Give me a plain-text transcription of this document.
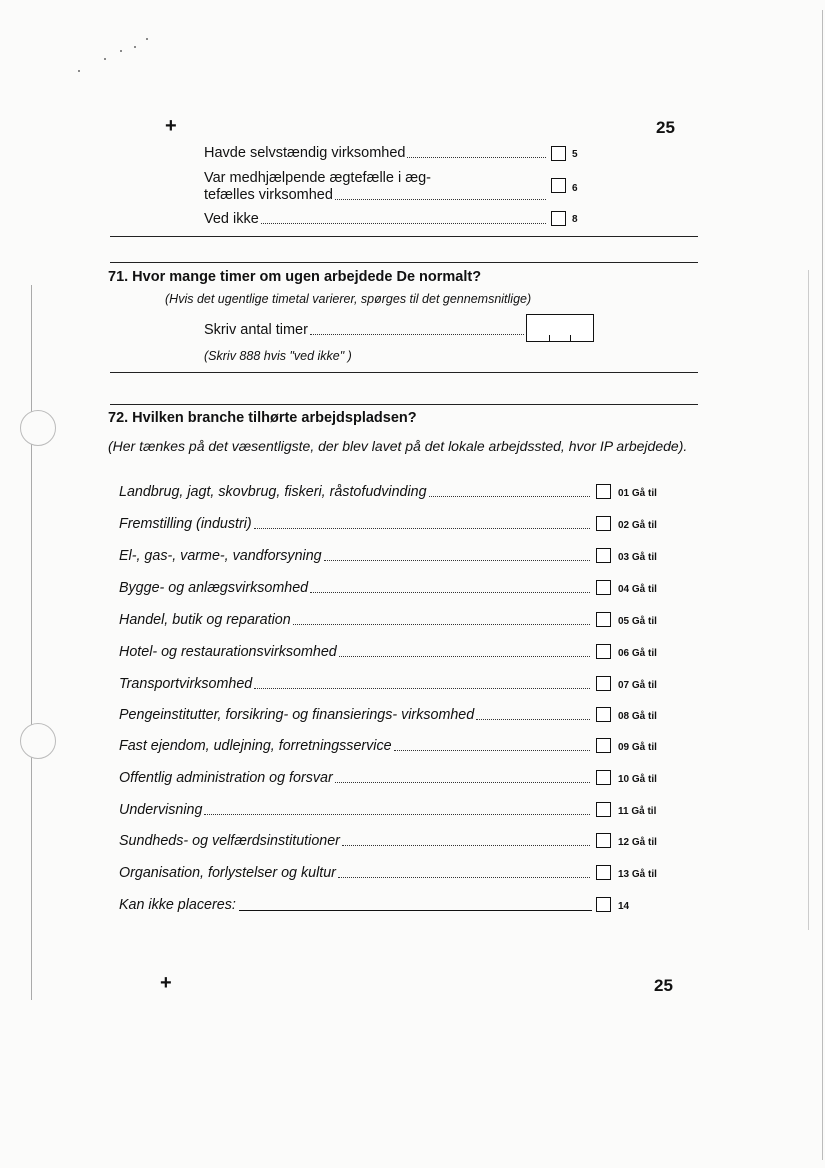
+	25
Havde selvstændig virksomhed	5
Var medhjælpende ægtefælle i æg-
tefælles virksomhed	6
Ved ikke	8
71. Hvor mange timer om ugen arbejdede De normalt?
(Hvis det ugentlige timetal varierer, spørges til det gennemsnitlige)
Skriv antal timer
(Skriv 888 hvis "ved ikke" )
72. Hvilken branche tilhørte arbejdspladsen?
(Her tænkes på det væsentligste, der blev lavet på det lokale arbejdssted, hvor IP arbejdede).
Landbrug, jagt, skovbrug, fiskeri, råstofudvinding	01 Gå til
Fremstilling (industri)	02 Gå til
El-, gas-, varme-, vandforsyning	03 Gå til
Bygge- og anlægsvirksomhed	04 Gå til
Handel, butik og reparation	05 Gå til
Hotel- og restaurationsvirksomhed	06 Gå til
Transportvirksomhed	07 Gå til
Pengeinstitutter, forsikring- og finansierings- virksomhed	08 Gå til
Fast ejendom, udlejning, forretningsservice	09 Gå til
Offentlig administration og forsvar	10 Gå til
Undervisning	11 Gå til
Sundheds- og velfærdsinstitutioner	12 Gå til
Organisation, forlystelser og kultur	13 Gå til
Kan ikke placeres:	14
+	25
